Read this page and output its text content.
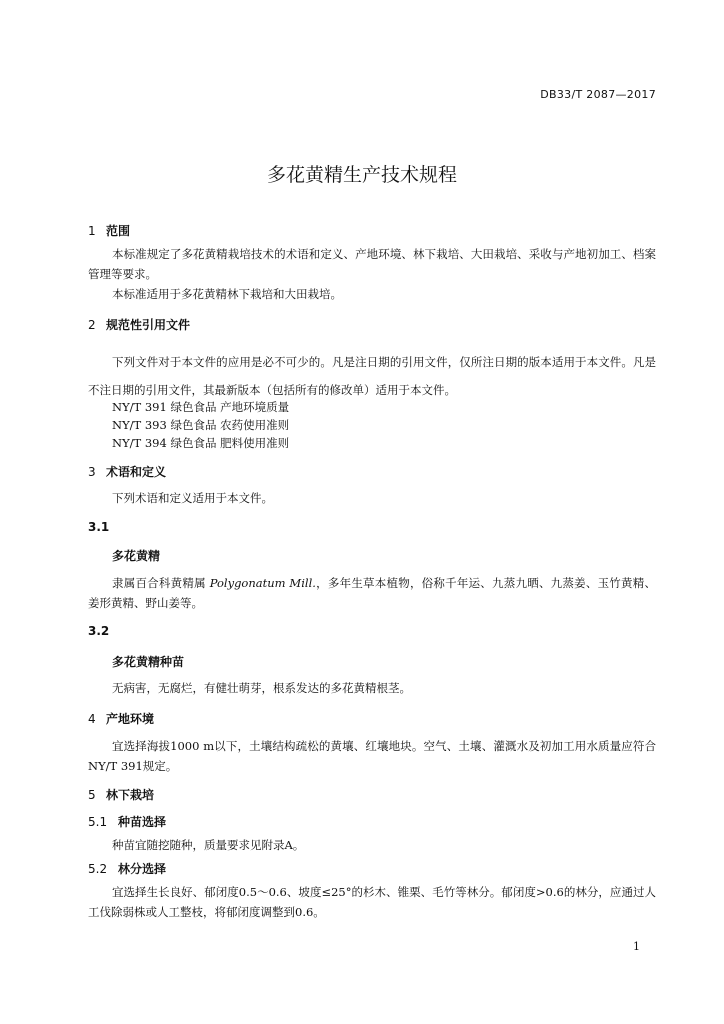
DB33/T 2087—2017
多花黄精生产技术规程
1 范围
本标准规定了多花黄精栽培技术的术语和定义、产地环境、林下栽培、大田栽培、采收与产地初加工、档案管理等要求。
本标准适用于多花黄精林下栽培和大田栽培。
2 规范性引用文件
下列文件对于本文件的应用是必不可少的。凡是注日期的引用文件，仅所注日期的版本适用于本文件。凡是不注日期的引用文件，其最新版本（包括所有的修改单）适用于本文件。
NY/T 391 绿色食品 产地环境质量
NY/T 393 绿色食品 农药使用准则
NY/T 394 绿色食品 肥料使用准则
3 术语和定义
下列术语和定义适用于本文件。
3.1
多花黄精
隶属百合科黄精属 Polygonatum Mill.，多年生草本植物，俗称千年运、九蒸九晒、九蒸姜、玉竹黄精、姜形黄精、野山姜等。
3.2
多花黄精种苗
无病害，无腐烂，有健壮萌芽，根系发达的多花黄精根茎。
4 产地环境
宜选择海拔1000 m以下，土壤结构疏松的黄壤、红壤地块。空气、土壤、灌溉水及初加工用水质量应符合NY/T 391规定。
5 林下栽培
5.1 种苗选择
种苗宜随挖随种，质量要求见附录A。
5.2 林分选择
宜选择生长良好、郁闭度0.5～0.6、坡度≤25°的杉木、锥栗、毛竹等林分。郁闭度>0.6的林分，应通过人工伐除弱株或人工整枝，将郁闭度调整到0.6。
1
